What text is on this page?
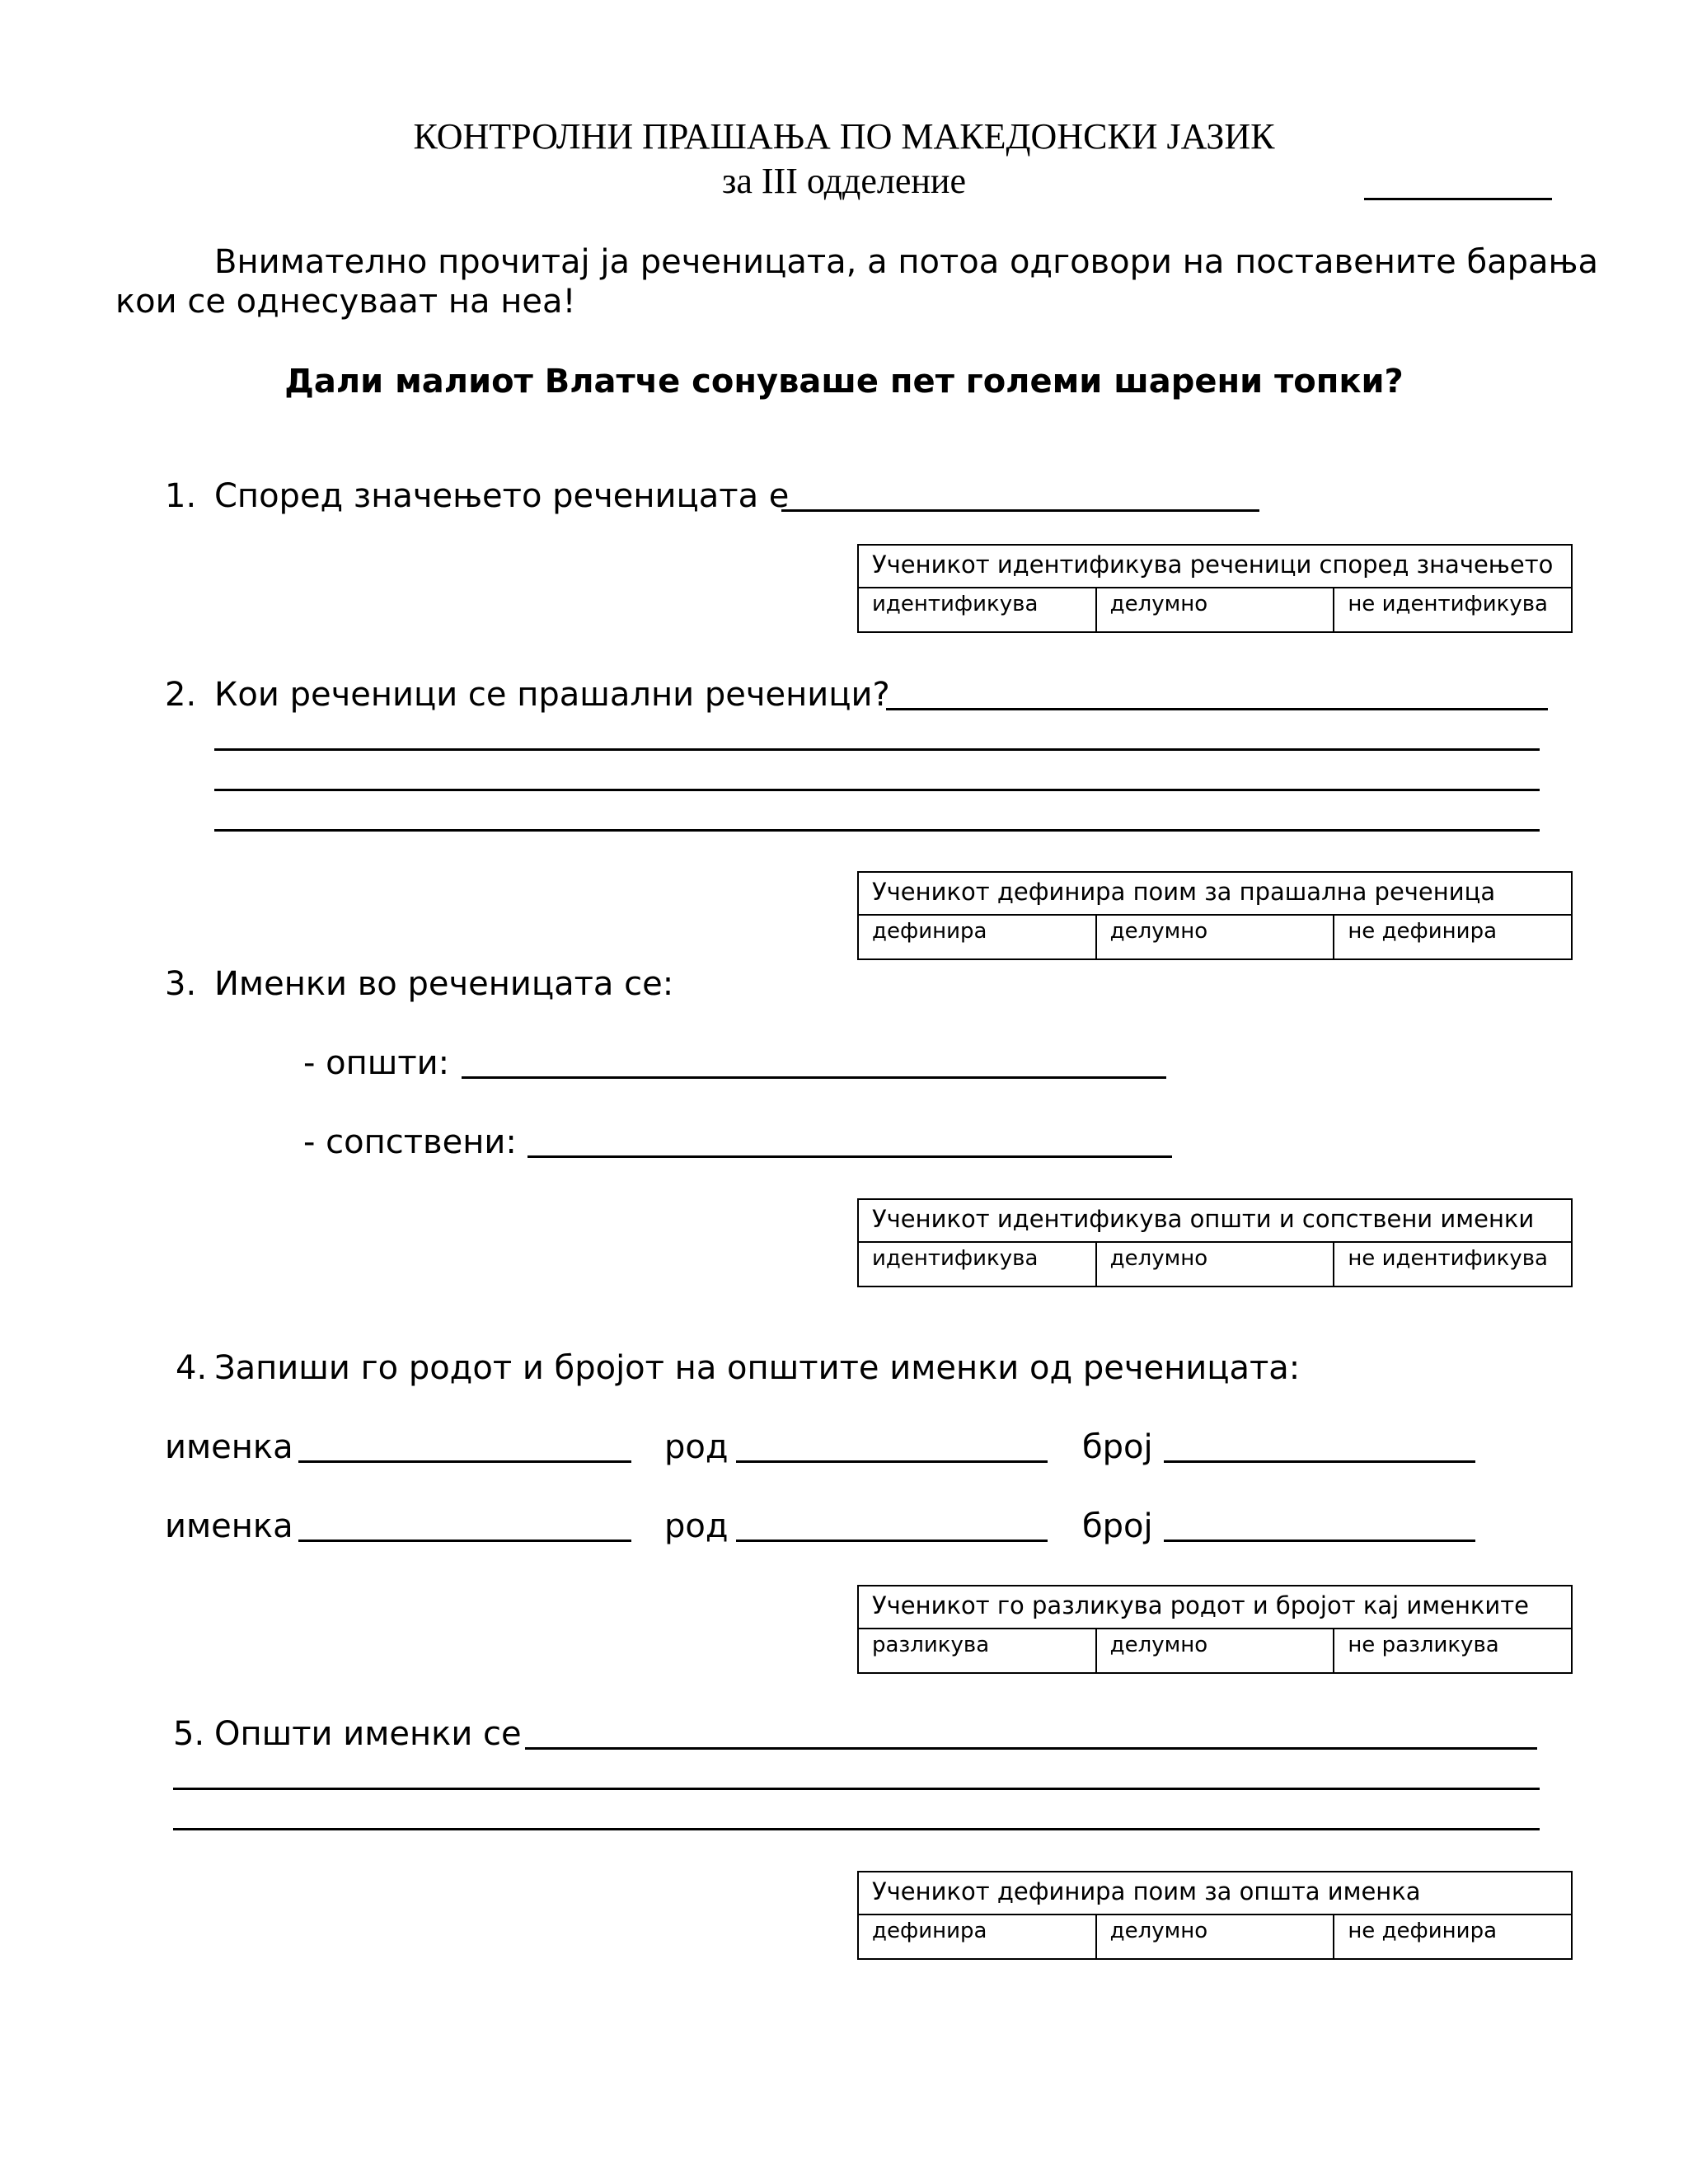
КОНТРОЛНИ ПРАШАЊА ПО МАКЕДОНСКИ ЈАЗИК
за III одделение
Внимателно прочитај ја реченицата, а потоа одговори на поставените барања
кои се однесуваат на неа!
Дали малиот Влатче сонуваше пет големи шарени топки?
1. Според значењето реченицата е
Ученикот идентификува реченици според значењето
идентификува	делумно	не идентификува
2. Кои реченици се прашални реченици?
Ученикот дефинира поим за прашална реченица
дефинира	делумно	не дефинира
3. Именки во реченицата се:
- општи:
- сопствени:
Ученикот идентификува општи и сопствени именки
идентификува	делумно	не идентификува
4. Запиши го родот и бројот на општите именки од реченицата:
именка	род	број
именка	род	број
Ученикот го разликува родот и бројот кај именките
разликува	делумно	не разликува
5. Општи именки се
Ученикот дефинира поим за општа именка
дефинира	делумно	не дефинира
